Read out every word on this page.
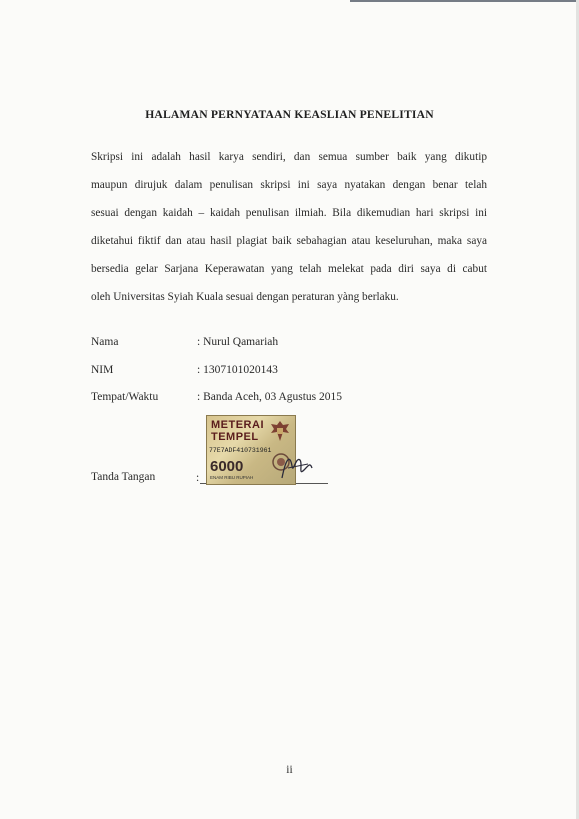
HALAMAN PERNYATAAN KEASLIAN PENELITIAN
Skripsi ini adalah hasil karya sendiri, dan semua sumber baik yang dikutip
maupun dirujuk dalam penulisan skripsi ini saya nyatakan dengan benar telah
sesuai dengan kaidah – kaidah penulisan ilmiah. Bila dikemudian hari skripsi ini
diketahui fiktif dan atau hasil plagiat baik sebahagian atau keseluruhan, maka saya
bersedia gelar Sarjana Keperawatan yang telah melekat pada diri saya di cabut
oleh Universitas Syiah Kuala sesuai dengan peraturan yàng berlaku.
Nama	: Nurul Qamariah
NIM	: 1307101020143
Tempat/Waktu	: Banda Aceh, 03 Agustus 2015
Tanda Tangan	:
METERAI
TEMPEL
77E7ADF410731961
6000
ENAM RIBU RUPIAH
ii
